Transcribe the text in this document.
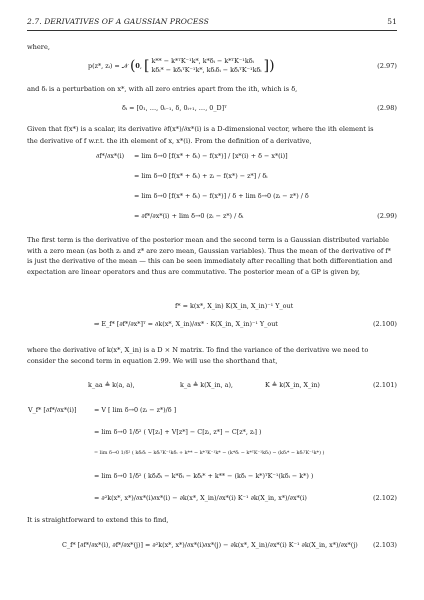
2.7. DERIVATIVES OF A GAUSSIAN PROCESS	51
where,
p(z*, zᵢ) = 𝒩 (0, [ k** − k*ᵀK⁻¹k*, k*δᵢ − k*ᵀK⁻¹kδᵢ
kδᵢ* − kδᵢᵀK⁻¹k*, kδᵢδᵢ − kδᵢᵀK⁻¹kδᵢ ])	(2.97)
and δᵢ is a perturbation on x*, with all zero entries apart from the ith, which is δ,
δᵢ = [0₁, …, 0ᵢ₋₁, δ, 0ᵢ₊₁, …, 0_D]ᵀ	(2.98)
Given that f(x*) is a scalar, its derivative ∂f(x*)/∂x*(i) is a D-dimensional vector, where the ith element is
the derivative of f w.r.t. the ith element of x, x*(i). From the definition of a derivative,
∂f*/∂x*(i) = lim δ→0 [f(x* + δᵢ) − f(x*)] / [x*(i) + δ − x*(i)]
= lim δ→0 [f(x* + δᵢ) + zᵢ − f(x*) − z*] / δᵢ
= lim δ→0 [f(x* + δᵢ) − f(x*)] / δ + lim δ→0 (zᵢ − z*) / δ
= ∂f*/∂x*(i) + lim δ→0 (zᵢ − z*) / δᵢ	(2.99)
The first term is the derivative of the posterior mean and the second term is a Gaussian distributed variable with a zero mean (as both zᵢ and z* are zero mean, Gaussian variables). Thus the mean of the derivative of f* is just the derivative of the mean — this can be seen immediately after recalling that both differentiation and expectation are linear operators and thus are commutative. The posterior mean of a GP is given by,
f* = k(x*, X_in) K(X_in, X_in)⁻¹ Y_out
⇒ E_f* [∂f*/∂x*]ᵀ = ∂k(x*, X_in)/∂x* · K(X_in, X_in)⁻¹ Y_out	(2.100)
where the derivative of k(x*, X_in) is a D × N matrix. To find the variance of the derivative we need to consider the second term in equation 2.99. We will use the shorthand that,
k_aa ≜ k(a, a),	k_a ≜ k(X_in, a),	K ≜ k(X_in, X_in)	(2.101)
V_f* [∂f*/∂x*(i)]	= V [ lim δ→0 (zᵢ − z*)/δ ]
= lim δ→0 1/δ² ( V[zᵢ] + V[z*] − C[zᵢ, z*] − C[z*, zᵢ] )
= lim δ→0 1/δ² ( kδᵢδᵢ − kδᵢᵀK⁻¹kδᵢ + k** − k*ᵀK⁻¹k* − (k*δᵢ − k*ᵀK⁻¹kδᵢ) − (kδᵢ* − kδᵢᵀK⁻¹k*) )
= lim δ→0 1/δ² ( kδᵢδᵢ − k*δᵢ − kδᵢ* + k** − (kδᵢ − k*)ᵀK⁻¹(kδᵢ − k*) )
= ∂²k(x*, x*)/∂x*(i)∂x*(i) − ∂k(x*, X_in)/∂x*(i) K⁻¹ ∂k(X_in, x*)/∂x*(i)	(2.102)
It is straightforward to extend this to find,
C_f* [∂f*/∂x*(i), ∂f*/∂x*(j)] = ∂²k(x*, x*)/∂x*(i)∂x*(j) − ∂k(x*, X_in)/∂x*(i) K⁻¹ ∂k(X_in, x*)/∂x*(j) (2.103)
